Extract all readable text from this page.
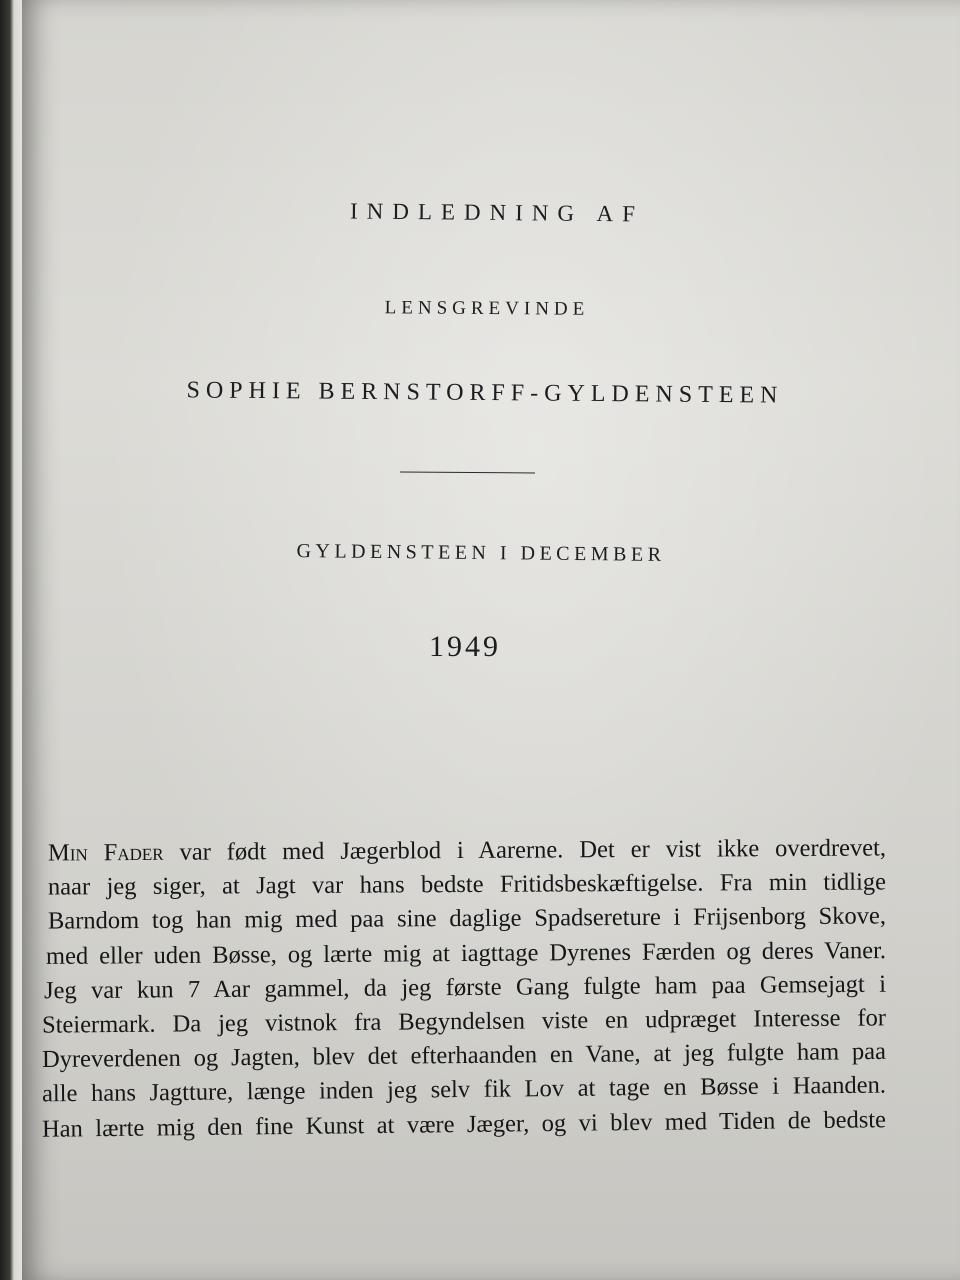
INDLEDNING AF
LENSGREVINDE
SOPHIE BERNSTORFF-GYLDENSTEEN
GYLDENSTEEN I DECEMBER
1949
Min Fader var født med Jægerblod i Aarerne. Det er vist ikke overdrevet,
naar jeg siger, at Jagt var hans bedste Fritidsbeskæftigelse. Fra min tidlige
Barndom tog han mig med paa sine daglige Spadsereture i Frijsenborg Skove,
med eller uden Bøsse, og lærte mig at iagttage Dyrenes Færden og deres Vaner.
Jeg var kun 7 Aar gammel, da jeg første Gang fulgte ham paa Gemsejagt i
Steiermark. Da jeg vistnok fra Begyndelsen viste en udpræget Interesse for
Dyreverdenen og Jagten, blev det efterhaanden en Vane, at jeg fulgte ham paa
alle hans Jagtture, længe inden jeg selv fik Lov at tage en Bøsse i Haanden.
Han lærte mig den fine Kunst at være Jæger, og vi blev med Tiden de bedste
